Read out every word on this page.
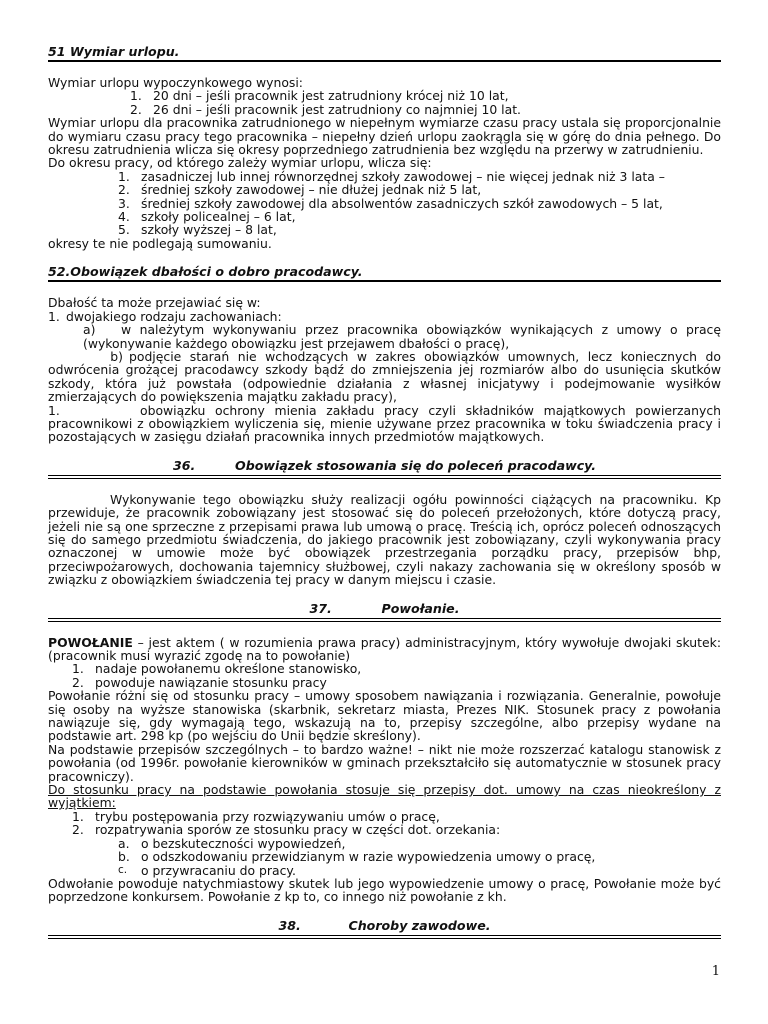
51 Wymiar urlopu.

Wymiar urlopu wypoczynkowego wynosi:

1. 20 dni – jeśli pracownik jest zatrudniony krócej niż 10 lat,
2. 26 dni – jeśli pracownik jest zatrudniony co najmniej 10 lat.

Wymiar urlopu dla pracownika zatrudnionego w niepełnym wymiarze czasu pracy ustala się proporcjonalnie do wymiaru czasu pracy tego pracownika – niepełny dzień urlopu zaokrągla się w górę do dnia pełnego. Do okresu zatrudnienia wlicza się okresy poprzedniego zatrudnienia bez względu na przerwy w zatrudnieniu.

Do okresu pracy, od którego zależy wymiar urlopu, wlicza się:

1. zasadniczej lub innej równorzędnej szkoły zawodowej – nie więcej jednak niż 3 lata –
2. średniej szkoły zawodowej – nie dłużej jednak niż 5 lat,
3. średniej szkoły zawodowej dla absolwentów zasadniczych szkół zawodowych – 5 lat,
4. szkoły policealnej – 6 lat,
5. szkoły wyższej – 8 lat,

okresy te nie podlegają sumowaniu.

52.Obowiązek dbałości o dobro pracodawcy.

Dbałość ta może przejawiać się w:

1. dwojakiego rodzaju zachowaniach:
a) w należytym wykonywaniu przez pracownika obowiązków wynikających z umowy o pracę (wykonywanie każdego obowiązku jest przejawem dbałości o pracę),

b) podjęcie starań nie wchodzących w zakres obowiązków umownych, lecz koniecznych do odwrócenia grożącej pracodawcy szkody bądź do zmniejszenia jej rozmiarów albo do usunięcia skutków szkody, która już powstała (odpowiednie działania z własnej inicjatywy i podejmowanie wysiłków zmierzających do powiększenia majątku zakładu pracy),

1.	obowiązku ochrony mienia zakładu pracy czyli składników majątkowych powierzanych pracownikowi z obowiązkiem wyliczenia się, mienie używane przez pracownika w toku świadczenia pracy i pozostających w zasięgu działań pracownika innych przedmiotów majątkowych.

36.	Obowiązek stosowania się do poleceń pracodawcy.

Wykonywanie tego obowiązku służy realizacji ogółu powinności ciążących na pracowniku. Kp przewiduje, że pracownik zobowiązany jest stosować się do poleceń przełożonych, które dotyczą pracy, jeżeli nie są one sprzeczne z przepisami prawa lub umową o pracę. Treścią ich, oprócz poleceń odnoszących się do samego przedmiotu świadczenia, do jakiego pracownik jest zobowiązany, czyli wykonywania pracy oznaczonej w umowie może być obowiązek przestrzegania porządku pracy, przepisów bhp, przeciwpożarowych, dochowania tajemnicy służbowej, czyli nakazy zachowania się w określony sposób w związku z obowiązkiem świadczenia tej pracy w danym miejscu i czasie.

37.	Powołanie.

POWOŁANIE – jest aktem ( w rozumienia prawa pracy) administracyjnym, który wywołuje dwojaki skutek: (pracownik musi wyrazić zgodę na to powołanie)

1. nadaje powołanemu określone stanowisko,
2. powoduje nawiązanie stosunku pracy

Powołanie różni się od stosunku pracy – umowy sposobem nawiązania i rozwiązania. Generalnie, powołuje się osoby na wyższe stanowiska (skarbnik, sekretarz miasta, Prezes NIK. Stosunek pracy z powołania nawiązuje się, gdy wymagają tego, wskazują na to, przepisy szczególne, albo przepisy wydane na podstawie art. 298 kp (po wejściu do Unii będzie skreślony).

Na podstawie przepisów szczególnych – to bardzo ważne! – nikt nie może rozszerzać katalogu stanowisk z powołania (od 1996r. powołanie kierowników w gminach przekształciło się automatycznie w stosunek pracy pracowniczy).

Do stosunku pracy na podstawie powołania stosuje się przepisy dot. umowy na czas nieokreślony z wyjątkiem:

1. trybu postępowania przy rozwiązywaniu umów o pracę,
2. rozpatrywania sporów ze stosunku pracy w części dot. orzekania:
a. o bezskuteczności wypowiedzeń,
b. o odszkodowaniu przewidzianym w razie wypowiedzenia umowy o pracę,
c. o przywracaniu do pracy.

Odwołanie powoduje natychmiastowy skutek lub jego wypowiedzenie umowy o pracę, Powołanie może być poprzedzone konkursem. Powołanie z kp to, co innego niż powołanie z kh.

38.	Choroby zawodowe.
1
